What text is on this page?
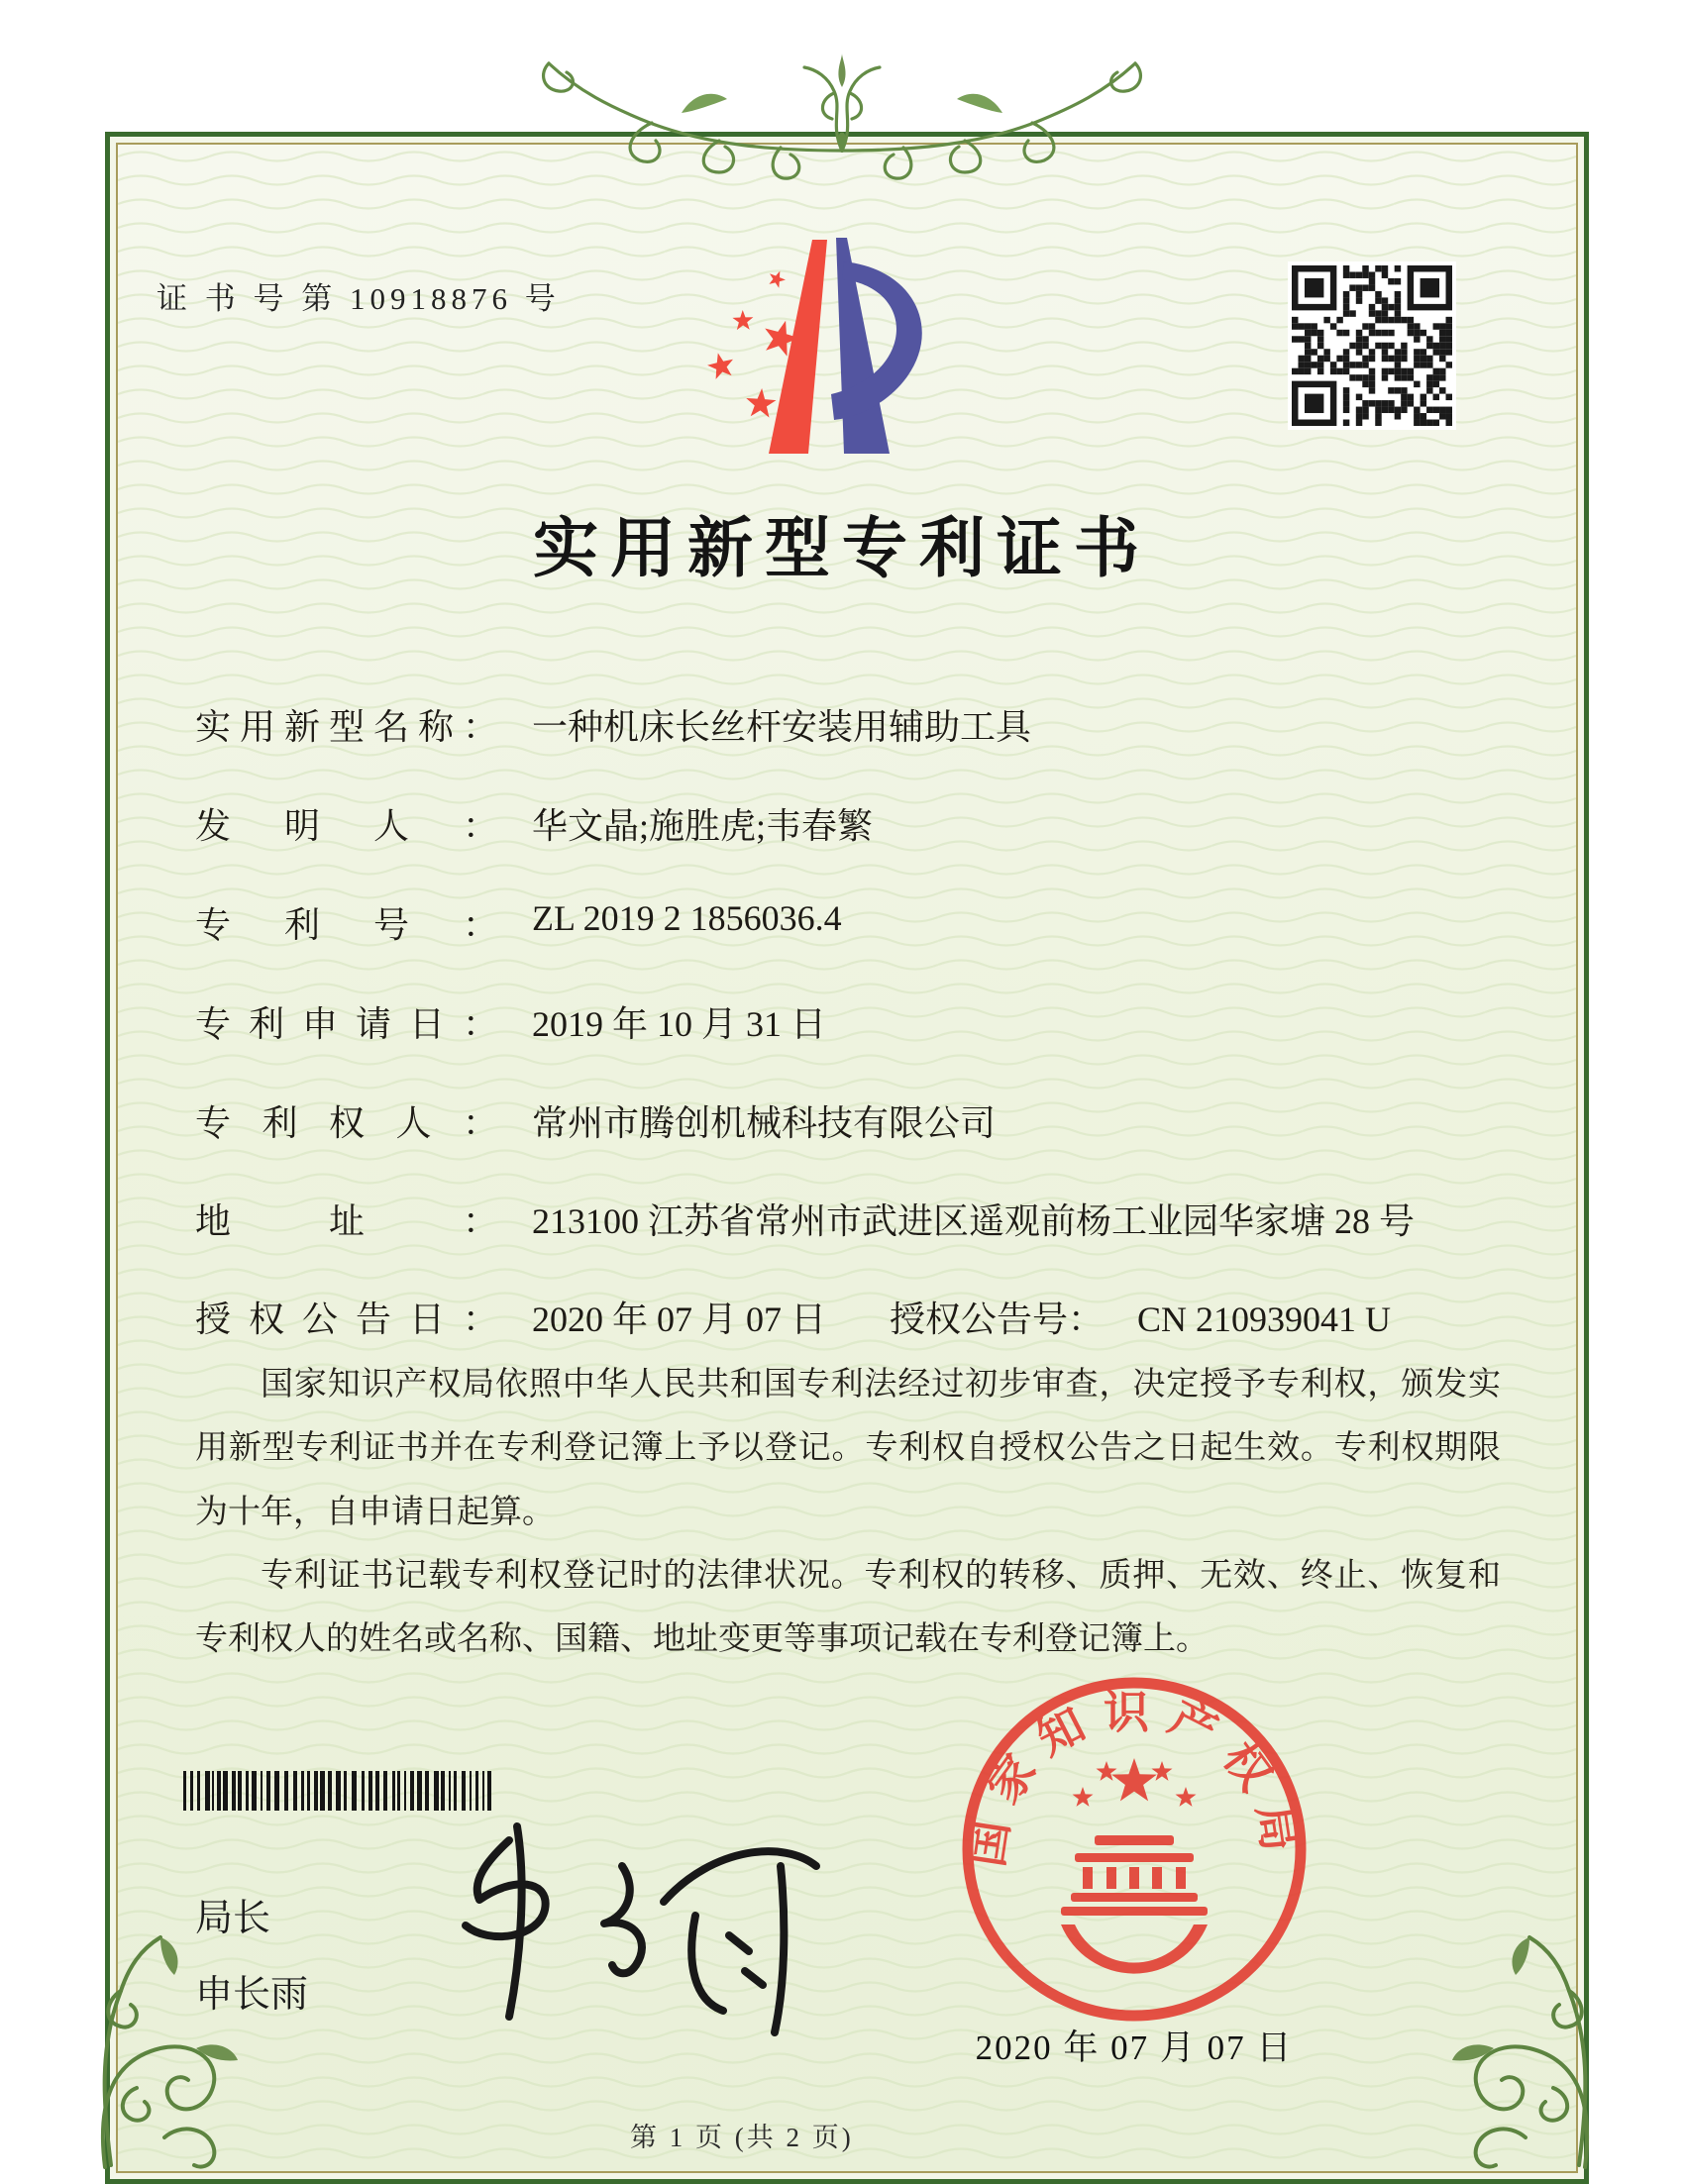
证 书 号 第 10918876 号
实用新型专利证书
实用新型名称： 一种机床长丝杆安装用辅助工具
发明人： 华文晶;施胜虎;韦春繁
专利号： ZL 2019 2 1856036.4
专利申请日： 2019 年 10 月 31 日
专利权人： 常州市腾创机械科技有限公司
地址： 213100 江苏省常州市武进区遥观前杨工业园华家塘 28 号
授权公告日： 2020 年 07 月 07 日 授权公告号： CN 210939041 U

国家知识产权局依照中华人民共和国专利法经过初步审查，决定授予专利权，颁发实用新型专利证书并在专利登记簿上予以登记。专利权自授权公告之日起生效。专利权期限为十年，自申请日起算。

专利证书记载专利权登记时的法律状况。专利权的转移、质押、无效、终止、恢复和专利权人的姓名或名称、国籍、地址变更等事项记载在专利登记簿上。

局长
申长雨
国家知识产权局
2020 年 07 月 07 日
第 1 页 (共 2 页)
